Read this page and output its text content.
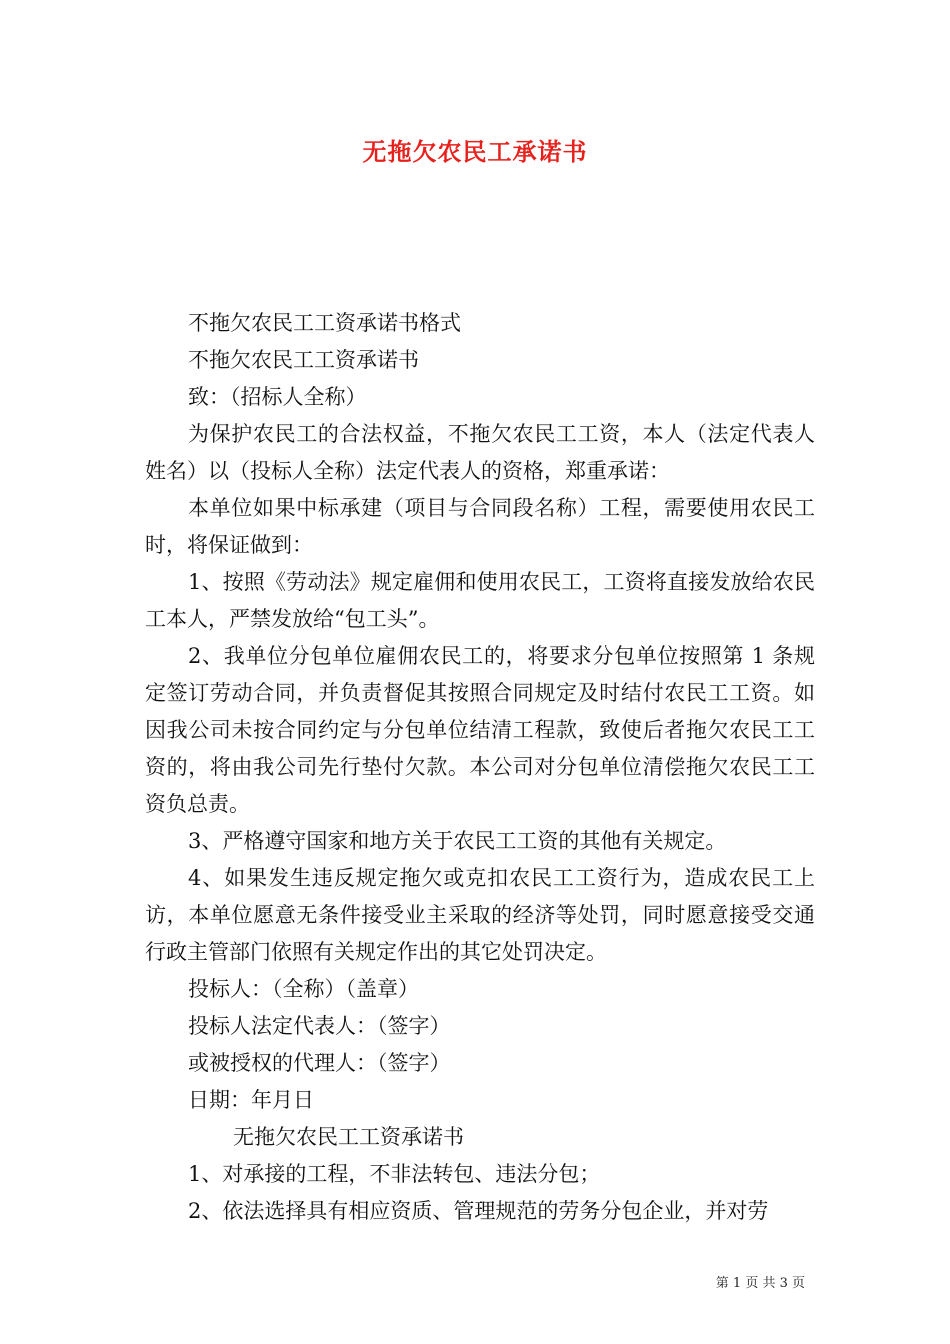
无拖欠农民工承诺书

不拖欠农民工工资承诺书格式

不拖欠农民工工资承诺书

致：（招标人全称）

为保护农民工的合法权益，不拖欠农民工工资，本人（法定代表人姓名）以（投标人全称）法定代表人的资格，郑重承诺：

本单位如果中标承建（项目与合同段名称）工程，需要使用农民工时，将保证做到：

1、按照《劳动法》规定雇佣和使用农民工，工资将直接发放给农民工本人，严禁发放给“包工头”。

2、我单位分包单位雇佣农民工的，将要求分包单位按照第 1 条规定签订劳动合同，并负责督促其按照合同规定及时结付农民工工资。如因我公司未按合同约定与分包单位结清工程款，致使后者拖欠农民工工资的，将由我公司先行垫付欠款。本公司对分包单位清偿拖欠农民工工资负总责。

3、严格遵守国家和地方关于农民工工资的其他有关规定。

4、如果发生违反规定拖欠或克扣农民工工资行为，造成农民工上访，本单位愿意无条件接受业主采取的经济等处罚，同时愿意接受交通行政主管部门依照有关规定作出的其它处罚决定。

投标人：（全称）（盖章）

投标人法定代表人：（签字）

或被授权的代理人：（签字）

日期：年月日

无拖欠农民工工资承诺书

1、对承接的工程，不非法转包、违法分包；

2、依法选择具有相应资质、管理规范的劳务分包企业，并对劳

第 1 页 共 3 页
